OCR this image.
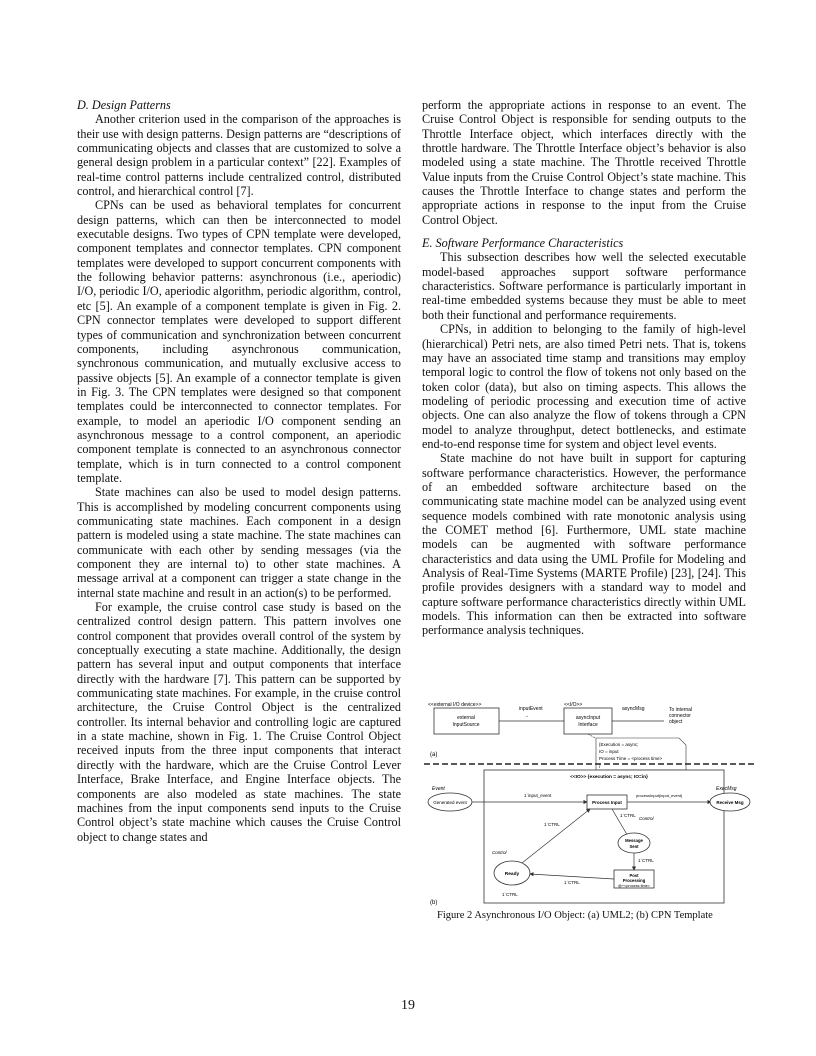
D. Design Patterns

Another criterion used in the comparison of the approaches is their use with design patterns. Design patterns are “descriptions of communicating objects and classes that are customized to solve a general design problem in a particular context” [22]. Examples of real-time control patterns include centralized control, distributed control, and hierarchical control [7].

CPNs can be used as behavioral templates for concurrent design patterns, which can then be interconnected to model executable designs. Two types of CPN template were developed, component templates and connector templates. CPN component templates were developed to support concurrent components with the following behavior patterns: asynchronous (i.e., aperiodic) I/O, periodic I/O, aperiodic algorithm, periodic algorithm, control, etc [5]. An example of a component template is given in Fig. 2. CPN connector templates were developed to support different types of communication and synchronization between concurrent components, including asynchronous communication, synchronous communication, and mutually exclusive access to passive objects [5]. An example of a connector template is given in Fig. 3. The CPN templates were designed so that component templates could be interconnected to connector templates. For example, to model an aperiodic I/O component sending an asynchronous message to a control component, an aperiodic component template is connected to an asynchronous connector template, which is in turn connected to a control component template.

State machines can also be used to model design patterns. This is accomplished by modeling concurrent components using communicating state machines. Each component in a design pattern is modeled using a state machine. The state machines can communicate with each other by sending messages (via the component they are internal to) to other state machines. A message arrival at a component can trigger a state change in the internal state machine and result in an action(s) to be performed.

For example, the cruise control case study is based on the centralized control design pattern. This pattern involves one control component that provides overall control of the system by conceptually executing a state machine. Additionally, the design pattern has several input and output components that interface directly with the hardware [7]. This pattern can be supported by communicating state machines. For example, in the cruise control architecture, the Cruise Control Object is the centralized controller. Its internal behavior and controlling logic are captured in a state machine, shown in Fig. 1. The Cruise Control Object received inputs from the three input components that interact directly with the hardware, which are the Cruise Control Lever Interface, Brake Interface, and Engine Interface objects. The components are also modeled as state machines. The state machines from the input components send inputs to the Cruise Control object’s state machine which causes the Cruise Control object to change states and

perform the appropriate actions in response to an event. The Cruise Control Object is responsible for sending outputs to the Throttle Interface object, which interfaces directly with the throttle hardware. The Throttle Interface object’s behavior is also modeled using a state machine. The Throttle received Throttle Value inputs from the Cruise Control Object’s state machine. This causes the Throttle Interface to change states and perform the appropriate actions in response to the input from the Cruise Control Object.

E. Software Performance Characteristics

This subsection describes how well the selected executable model-based approaches support software performance characteristics. Software performance is particularly important in real-time embedded systems because they must be able to meet both their functional and performance requirements.

CPNs, in addition to belonging to the family of high-level (hierarchical) Petri nets, are also timed Petri nets. That is, tokens may have an associated time stamp and transitions may employ temporal logic to control the flow of tokens not only based on the token color (data), but also on timing aspects. This allows the modeling of periodic processing and execution time of active objects. One can also analyze the flow of tokens through a CPN model to analyze throughput, detect bottlenecks, and estimate end-to-end response time for system and object level events.

State machine do not have built in support for capturing software performance characteristics. However, the performance of an embedded software architecture based on the communicating state machine model can be analyzed using event sequence models combined with rate monotonic analysis using the COMET method [6]. Furthermore, UML state machine models can be augmented with software performance characteristics and data using the UML Profile for Modeling and Analysis of Real-Time Systems (MARTE Profile) [23], [24]. This profile provides designers with a standard way to model and capture software performance characteristics directly within UML models. This information can then be extracted into software performance analysis techniques.

<<external I/O device>>
external
InputSource
inputEvent
→
<<I/O>>
asyncInput
Interface
asyncMsg	To internal
connector
object
{Execution = async;
IO = input
Process Time = <process time>
}
(a)
<<IO>> {execution = async; IO=in}
Event
Generated event
1`input_event
Process Input
processInput(input_event)
ExecMsg
Receive Msg
1`CTRL
Control
Message
Sent
1`CTRL
Post
Processing
@+<process time>
1`CTRL
Control
Ready
1`CTRL
1`CTRL
(b)
Figure 2 Asynchronous I/O Object: (a) UML2; (b) CPN Template
19
